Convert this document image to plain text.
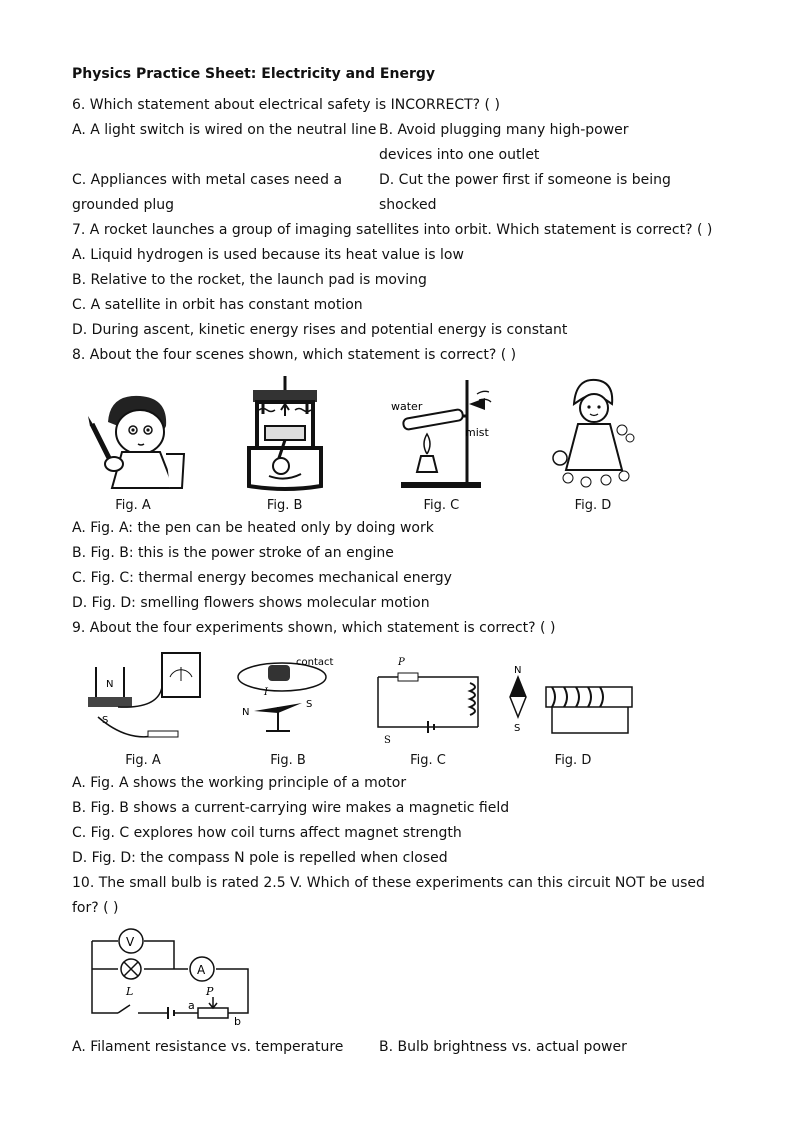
Physics Practice Sheet: Electricity and Energy
6. Which statement about electrical safety is INCORRECT? ( )
A. A light switch is wired on the neutral line B. Avoid plugging many high-power devices into one outlet
C. Appliances with metal cases need a grounded plug
D. Cut the power first if someone is being shocked
7. A rocket launches a group of imaging satellites into orbit. Which statement is correct? ( )
A. Liquid hydrogen is used because its heat value is low
B. Relative to the rocket, the launch pad is moving
C. A satellite in orbit has constant motion
D. During ascent, kinetic energy rises and potential energy is constant
8. About the four scenes shown, which statement is correct? ( )
Fig. A	Fig. B
water
mist
Fig. C	Fig. D
A. Fig. A: the pen can be heated only by doing work
B. Fig. B: this is the power stroke of an engine
C. Fig. C: thermal energy becomes mechanical energy
D. Fig. D: smelling flowers shows molecular motion
9. About the four experiments shown, which statement is correct? ( )
N
S
Fig. A
contact
I
N
S
Fig. B
P
S
Fig. C
N
S
Fig. D
A. Fig. A shows the working principle of a motor
B. Fig. B shows a current-carrying wire makes a magnetic field
C. Fig. C explores how coil turns affect magnet strength
D. Fig. D: the compass N pole is repelled when closed
10. The small bulb is rated 2.5 V. Which of these experiments can this circuit NOT be used for? ( )
V
L
A
P
a
b
A. Filament resistance vs. temperature	B. Bulb brightness vs. actual power
